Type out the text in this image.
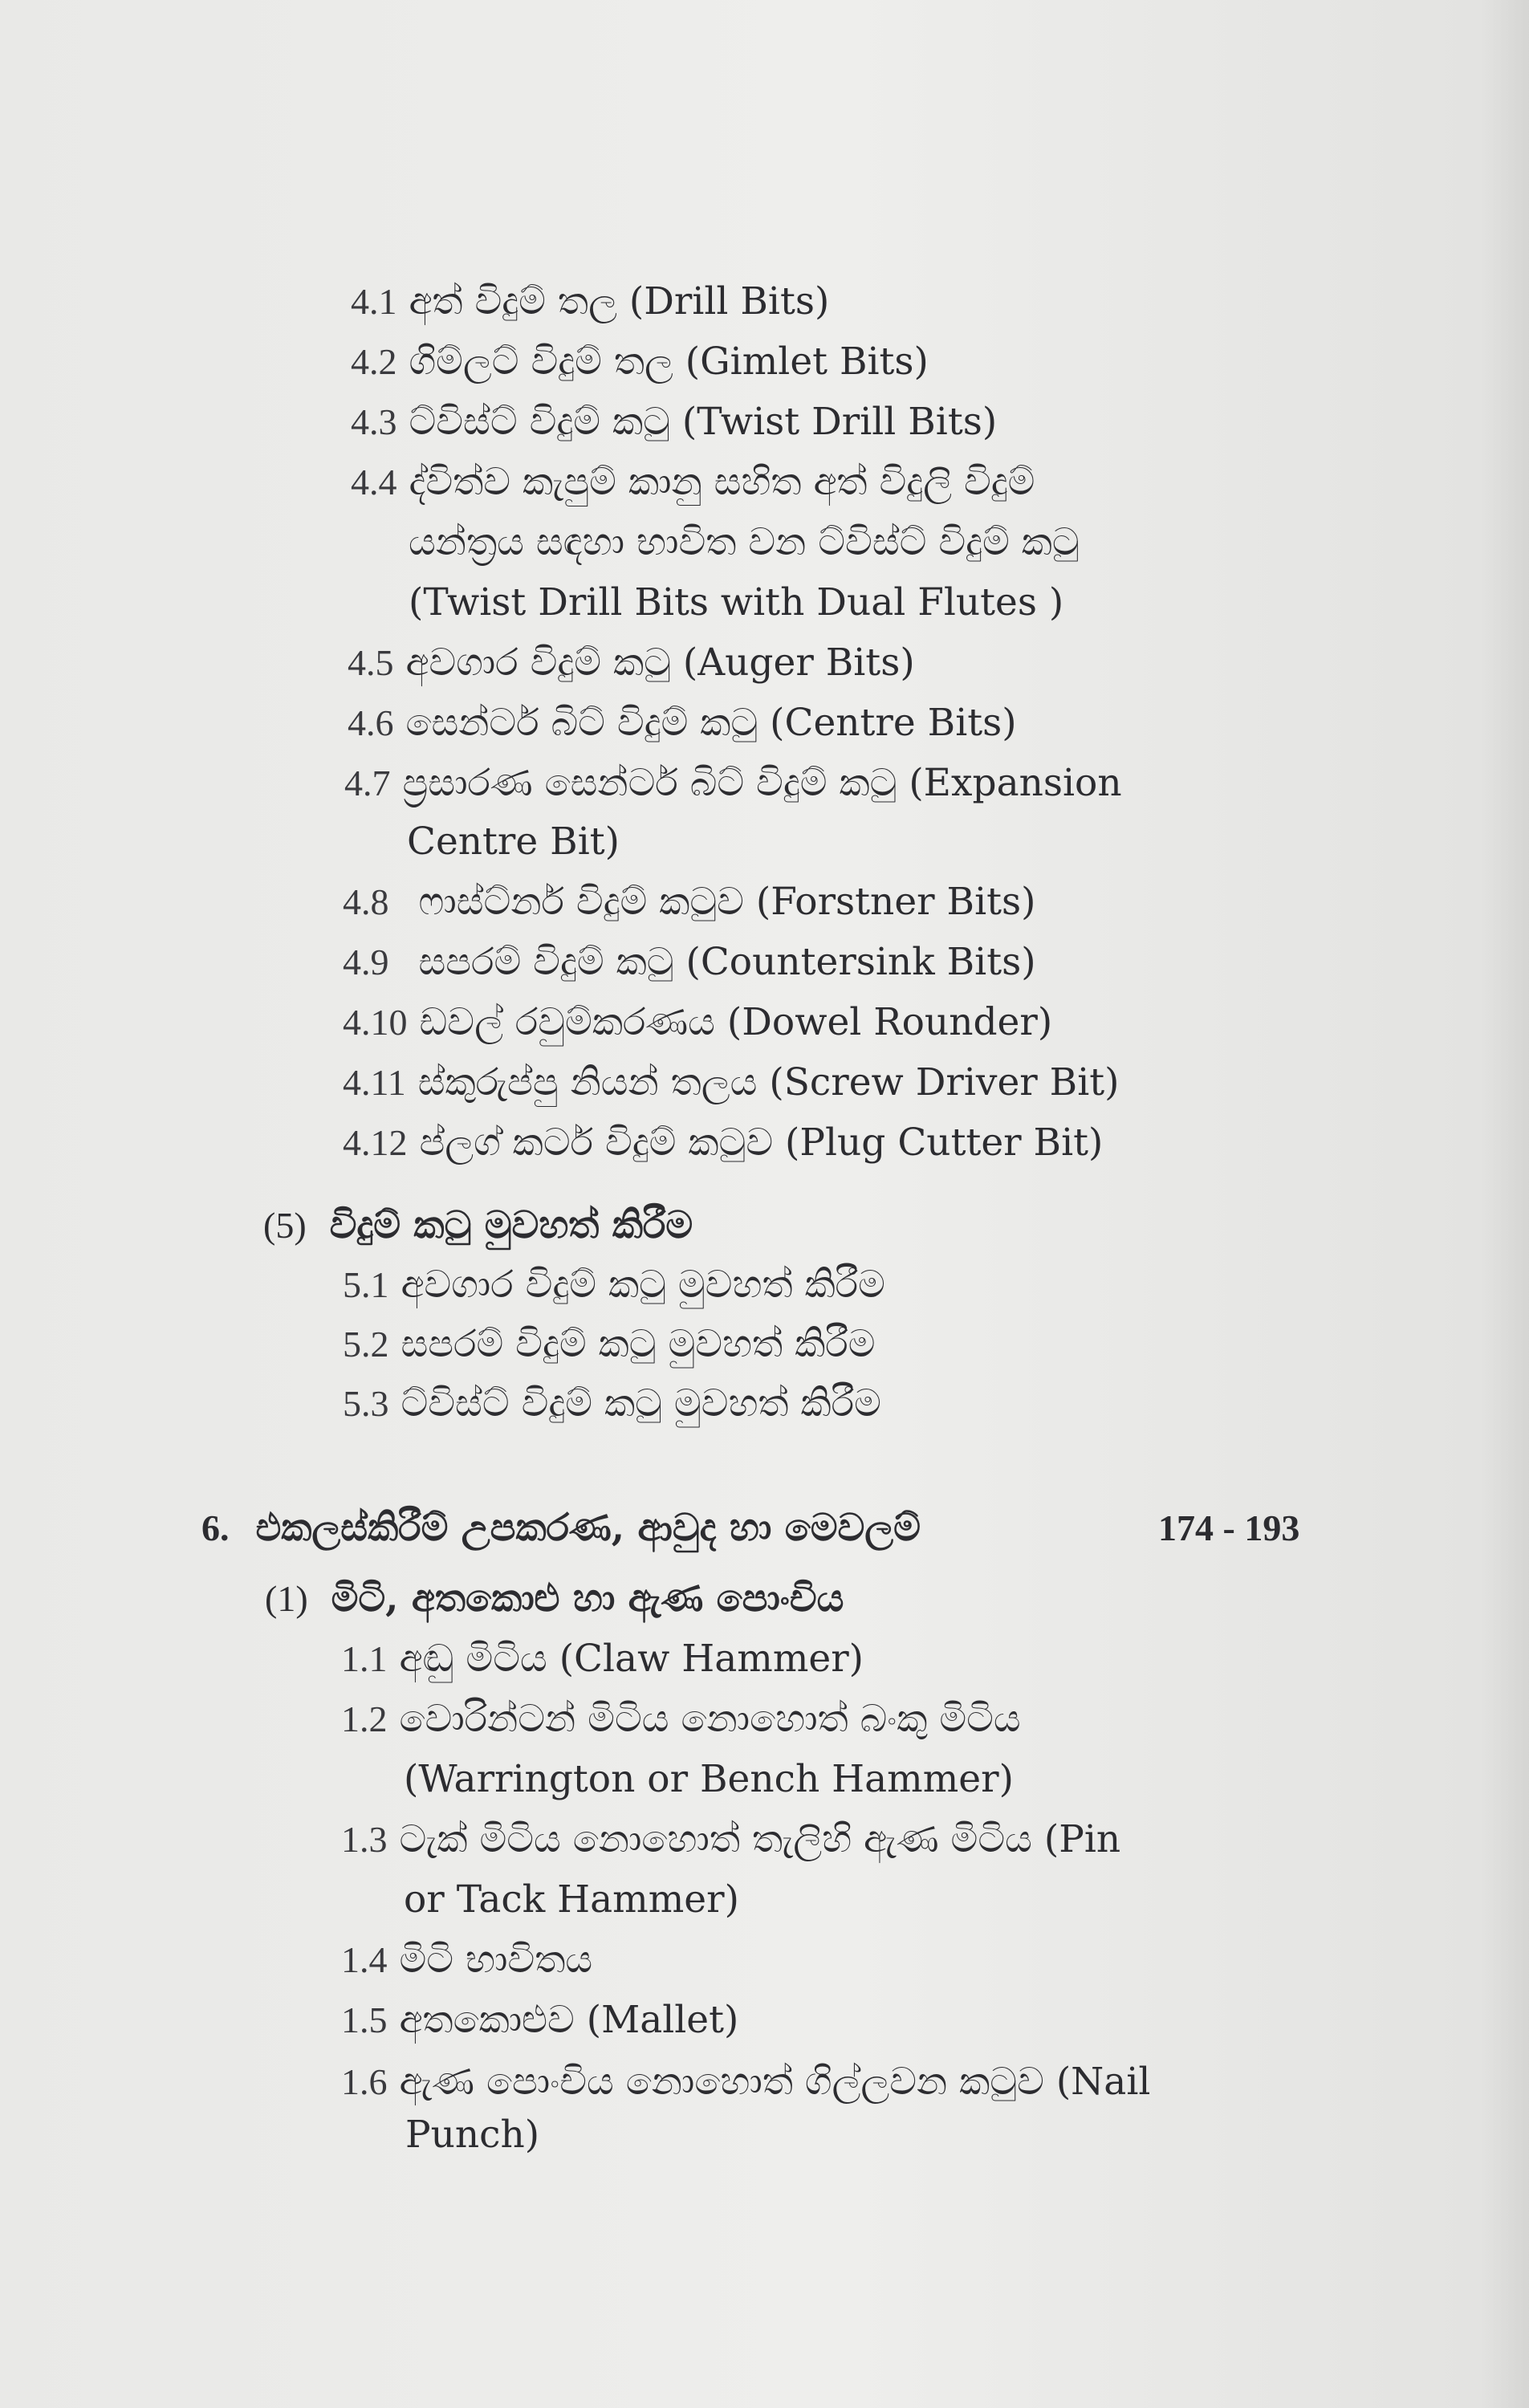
4.1 අත් විදුම් තල (Drill Bits)
4.2 ගිම්ලට් විදුම් තල (Gimlet Bits)
4.3 ට්විස්ට් විදුම් කටු (Twist Drill Bits)
4.4 ද්විත්ව කැපුම් කානු සහිත අත් විදුලි විදුම්
යන්ත්‍රය සඳහා භාවිත වන ට්විස්ට් විදුම් කටු
(Twist Drill Bits with Dual Flutes )
4.5 අවගාර විදුම් කටු (Auger Bits)
4.6 සෙන්ටර් බිට් විදුම් කටු (Centre Bits)
4.7 ප්‍රසාරණ සෙන්ටර් බිට් විදුම් කටු (Expansion
Centre Bit)
4.8 ෆාස්ට්නර් විදුම් කටුව (Forstner Bits)
4.9 සපරම් විදුම් කටු (Countersink Bits)
4.10 ඩවල් රවුම්කරණය (Dowel Rounder)
4.11 ස්කුරුප්පු නියන් තලය (Screw Driver Bit)
4.12 ප්ලග් කටර් විදුම් කටුව (Plug Cutter Bit)
(5) විදුම් කටු මුවහත් කිරීම
5.1 අවගාර විදුම් කටු මුවහත් කිරීම
5.2 සපරම් විදුම් කටු මුවහත් කිරීම
5.3 ට්විස්ට් විදුම් කටු මුවහත් කිරීම
6. එකලස්කිරීම් උපකරණ, ආවුද හා මෙවලම්	174 - 193
(1) මිටි, අතකොළු හා ඇණ පොංචිය
1.1 අඬු මිටිය (Claw Hammer)
1.2 වොරින්ටන් මිටිය නොහොත් බංකු මිටිය
(Warrington or Bench Hammer)
1.3 ටැක් මිටිය නොහොත් තැලිහි ඇණ මිටිය (Pin
or Tack Hammer)
1.4 මිටි භාවිතය
1.5 අතකොළුව (Mallet)
1.6 ඇණ පොංචිය නොහොත් ගිල්ලවන කටුව (Nail
Punch)
